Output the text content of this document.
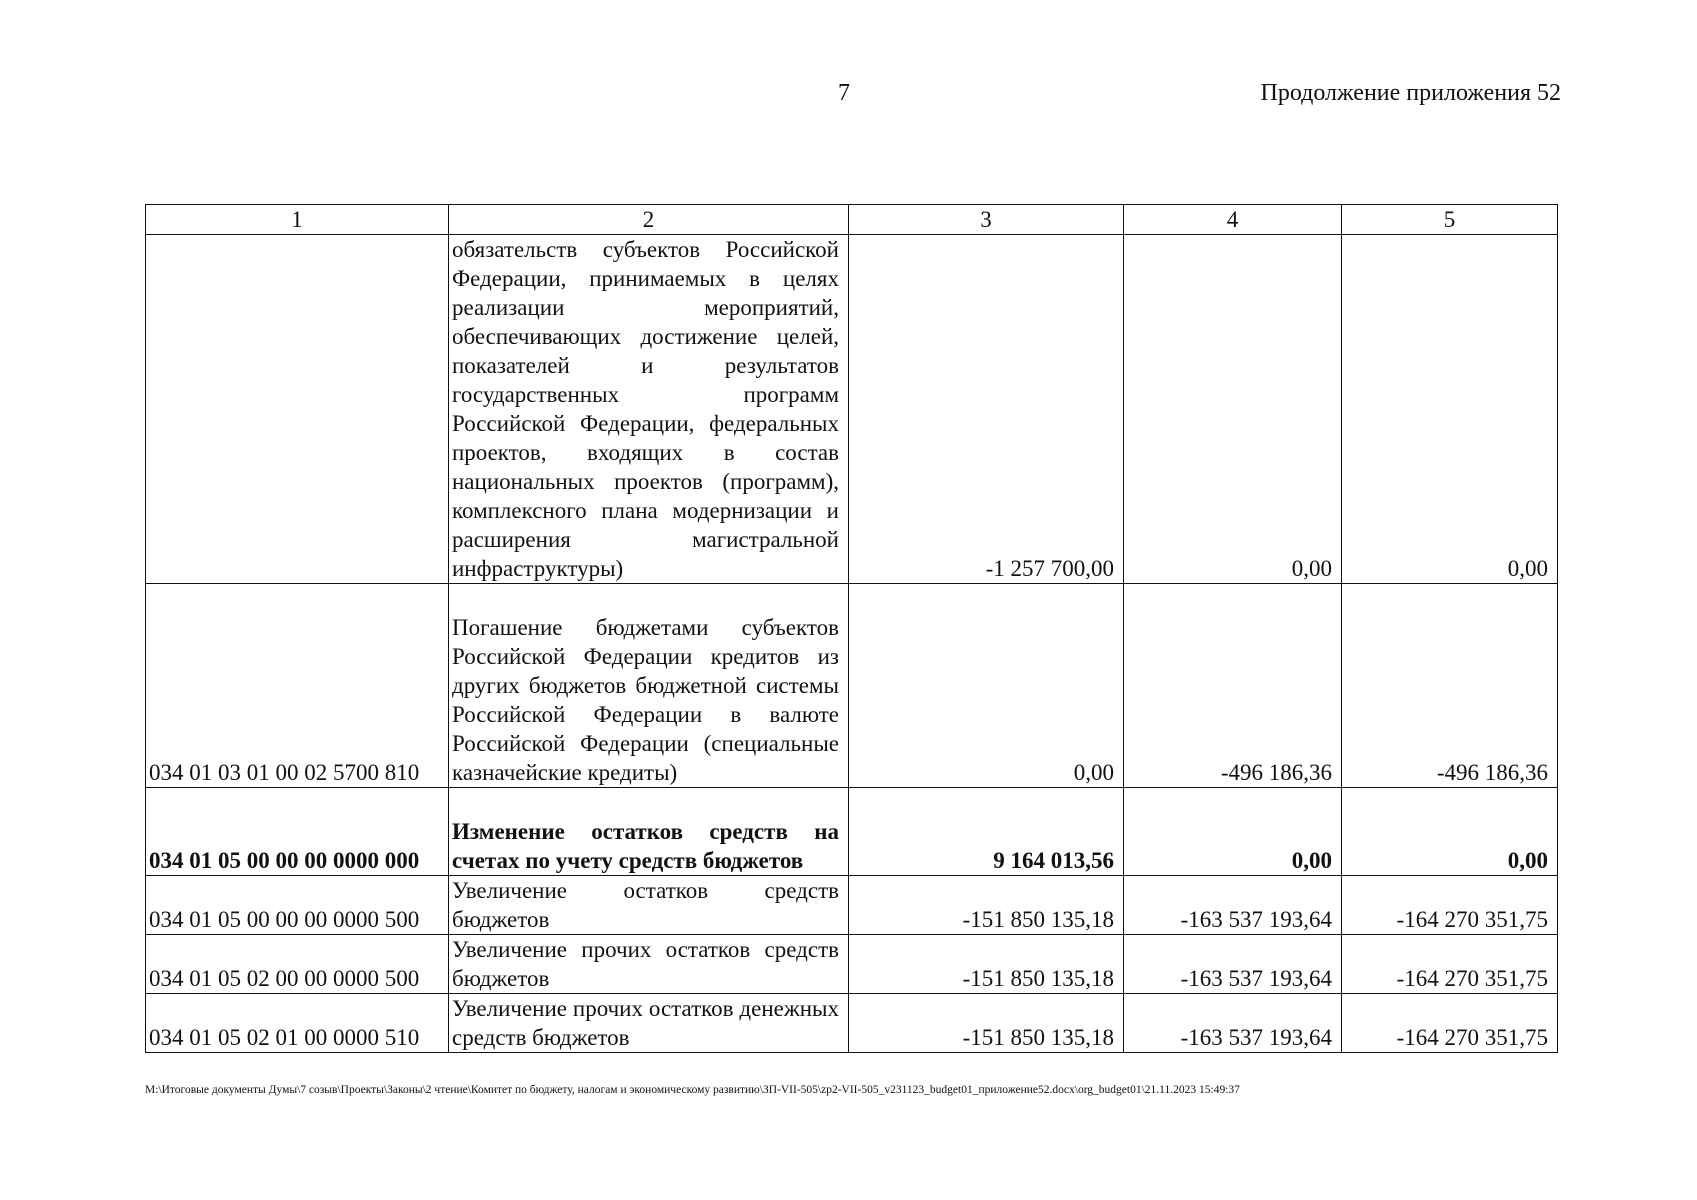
7	Продолжение приложения 52
1	2	3	4	5
	обязательств субъектов Российской Федерации, принимаемых в целях реализации мероприятий, обеспечивающих достижение целей, показателей и результатов государственных программ Российской Федерации, федеральных проектов, входящих в состав национальных проектов (программ), комплексного плана модернизации и расширения магистральной инфраструктуры)	-1 257 700,00	0,00	0,00
034 01 03 01 00 02 5700 810	Погашение бюджетами субъектов Российской Федерации кредитов из других бюджетов бюджетной системы Российской Федерации в валюте Российской Федерации (специальные казначейские кредиты)	0,00	-496 186,36	-496 186,36
034 01 05 00 00 00 0000 000	Изменение остатков средств на счетах по учету средств бюджетов	9 164 013,56	0,00	0,00
034 01 05 00 00 00 0000 500	Увеличение остатков средств бюджетов	-151 850 135,18	-163 537 193,64	-164 270 351,75
034 01 05 02 00 00 0000 500	Увеличение прочих остатков средств бюджетов	-151 850 135,18	-163 537 193,64	-164 270 351,75
034 01 05 02 01 00 0000 510	Увеличение прочих остатков денежных средств бюджетов	-151 850 135,18	-163 537 193,64	-164 270 351,75
M:\Итоговые документы Думы\7 созыв\Проекты\Законы\2 чтение\Комитет по бюджету, налогам и экономическому развитию\ЗП-VII-505\zp2-VII-505_v231123_budget01_приложение52.docx\org_budget01\21.11.2023 15:49:37
